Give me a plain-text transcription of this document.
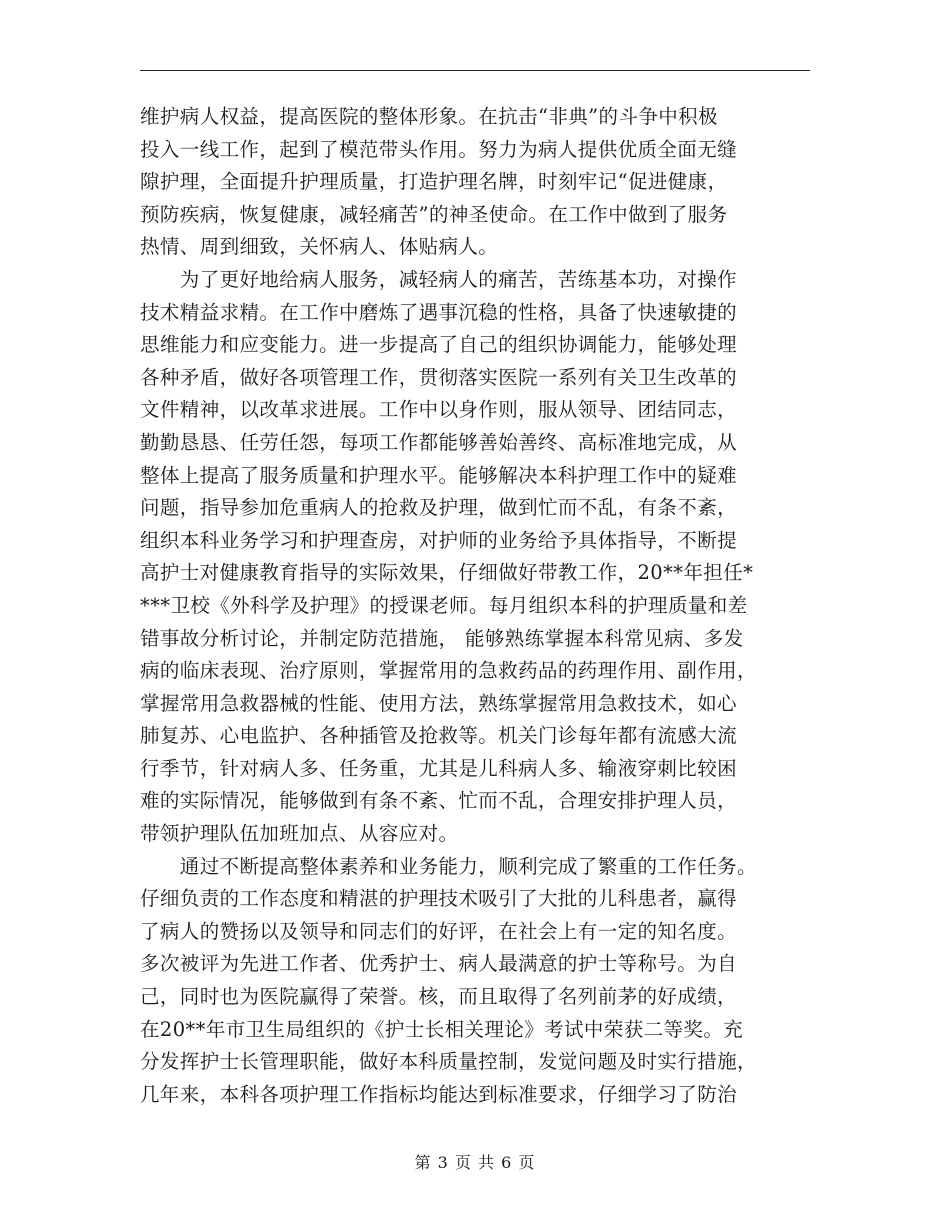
维护病人权益，提高医院的整体形象。在抗击“非典”的斗争中积极
投入一线工作，起到了模范带头作用。努力为病人提供优质全面无缝
隙护理，全面提升护理质量，打造护理名牌，时刻牢记“促进健康，
预防疾病，恢复健康，减轻痛苦”的神圣使命。在工作中做到了服务
热情、周到细致，关怀病人、体贴病人。
　　为了更好地给病人服务，减轻病人的痛苦，苦练基本功，对操作
技术精益求精。在工作中磨炼了遇事沉稳的性格，具备了快速敏捷的
思维能力和应变能力。进一步提高了自己的组织协调能力，能够处理
各种矛盾，做好各项管理工作，贯彻落实医院一系列有关卫生改革的
文件精神，以改革求进展。工作中以身作则，服从领导、团结同志，
勤勤恳恳、任劳任怨，每项工作都能够善始善终、高标准地完成，从
整体上提高了服务质量和护理水平。能够解决本科护理工作中的疑难
问题，指导参加危重病人的抢救及护理，做到忙而不乱，有条不紊，
组织本科业务学习和护理查房，对护师的业务给予具体指导，不断提
高护士对健康教育指导的实际效果，仔细做好带教工作，20**年担任*
***卫校《外科学及护理》的授课老师。每月组织本科的护理质量和差
错事故分析讨论，并制定防范措施， 能够熟练掌握本科常见病、多发
病的临床表现、治疗原则，掌握常用的急救药品的药理作用、副作用，
掌握常用急救器械的性能、使用方法，熟练掌握常用急救技术，如心
肺复苏、心电监护、各种插管及抢救等。机关门诊每年都有流感大流
行季节，针对病人多、任务重，尤其是儿科病人多、输液穿刺比较困
难的实际情况，能够做到有条不紊、忙而不乱，合理安排护理人员，
带领护理队伍加班加点、从容应对。
　　通过不断提高整体素养和业务能力，顺利完成了繁重的工作任务。
仔细负责的工作态度和精湛的护理技术吸引了大批的儿科患者，赢得
了病人的赞扬以及领导和同志们的好评，在社会上有一定的知名度。
多次被评为先进工作者、优秀护士、病人最满意的护士等称号。为自
己，同时也为医院赢得了荣誉。核，而且取得了名列前茅的好成绩，
在20**年市卫生局组织的《护士长相关理论》考试中荣获二等奖。充
分发挥护士长管理职能，做好本科质量控制，发觉问题及时实行措施，
几年来，本科各项护理工作指标均能达到标准要求，仔细学习了防治
第 3 页 共 6 页
